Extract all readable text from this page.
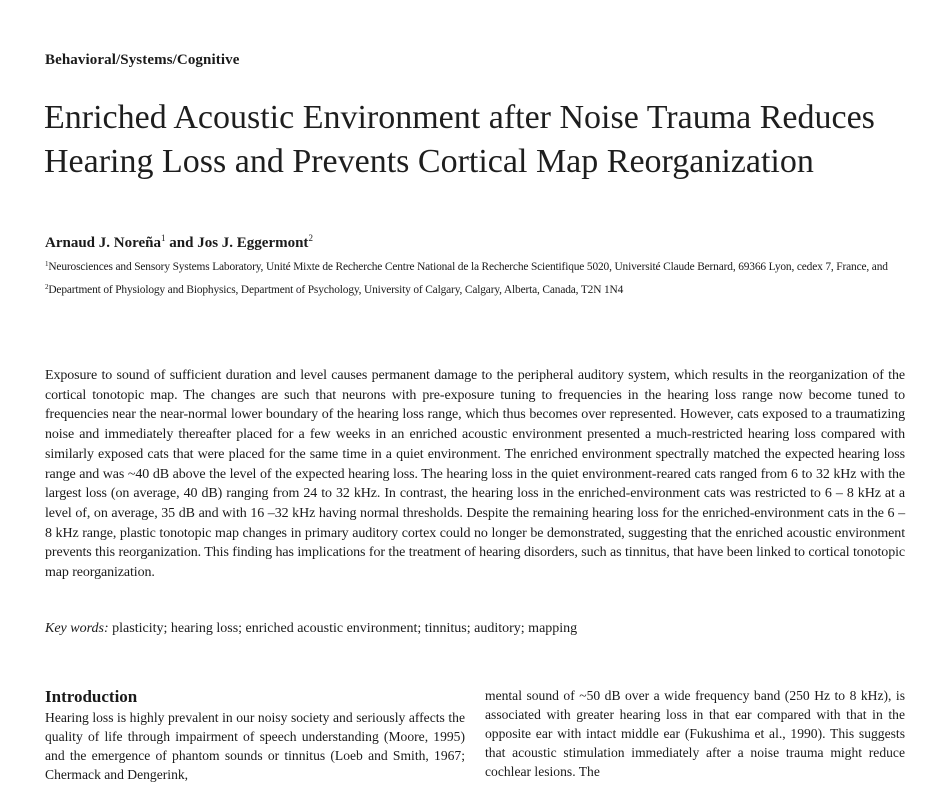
Behavioral/Systems/Cognitive
Enriched Acoustic Environment after Noise Trauma Reduces Hearing Loss and Prevents Cortical Map Reorganization
Arnaud J. Noreña$^1$ and Jos J. Eggermont$^2$
$^1$Neurosciences and Sensory Systems Laboratory, Unité Mixte de Recherche Centre National de la Recherche Scientifique 5020, Université Claude Bernard, 69366 Lyon, cedex 7, France, and $^2$Department of Physiology and Biophysics, Department of Psychology, University of Calgary, Calgary, Alberta, Canada, T2N 1N4

Exposure to sound of sufficient duration and level causes permanent damage to the peripheral auditory system, which results in the reorganization of the cortical tonotopic map. The changes are such that neurons with pre-exposure tuning to frequencies in the hearing loss range now become tuned to frequencies near the near-normal lower boundary of the hearing loss range, which thus becomes over represented. However, cats exposed to a traumatizing noise and immediately thereafter placed for a few weeks in an enriched acoustic environment presented a much-restricted hearing loss compared with similarly exposed cats that were placed for the same time in a quiet environment. The enriched environment spectrally matched the expected hearing loss range and was ~40 dB above the level of the expected hearing loss. The hearing loss in the quiet environment-reared cats ranged from 6 to 32 kHz with the largest loss (on average, 40 dB) ranging from 24 to 32 kHz. In contrast, the hearing loss in the enriched-environment cats was restricted to 6 – 8 kHz at a level of, on average, 35 dB and with 16 –32 kHz having normal thresholds. Despite the remaining hearing loss for the enriched-environment cats in the 6 – 8 kHz range, plastic tonotopic map changes in primary auditory cortex could no longer be demonstrated, suggesting that the enriched acoustic environment prevents this reorganization. This finding has implications for the treatment of hearing disorders, such as tinnitus, that have been linked to cortical tonotopic map reorganization.

Key words: plasticity; hearing loss; enriched acoustic environment; tinnitus; auditory; mapping
Introduction

Hearing loss is highly prevalent in our noisy society and seriously affects the quality of life through impairment of speech understanding (Moore, 1995) and the emergence of phantom sounds or tinnitus (Loeb and Smith, 1967; Chermack and Dengerink,

mental sound of ~50 dB over a wide frequency band (250 Hz to 8 kHz), is associated with greater hearing loss in that ear compared with that in the opposite ear with intact middle ear (Fukushima et al., 1990). This suggests that acoustic stimulation immediately after a noise trauma might reduce cochlear lesions. The
